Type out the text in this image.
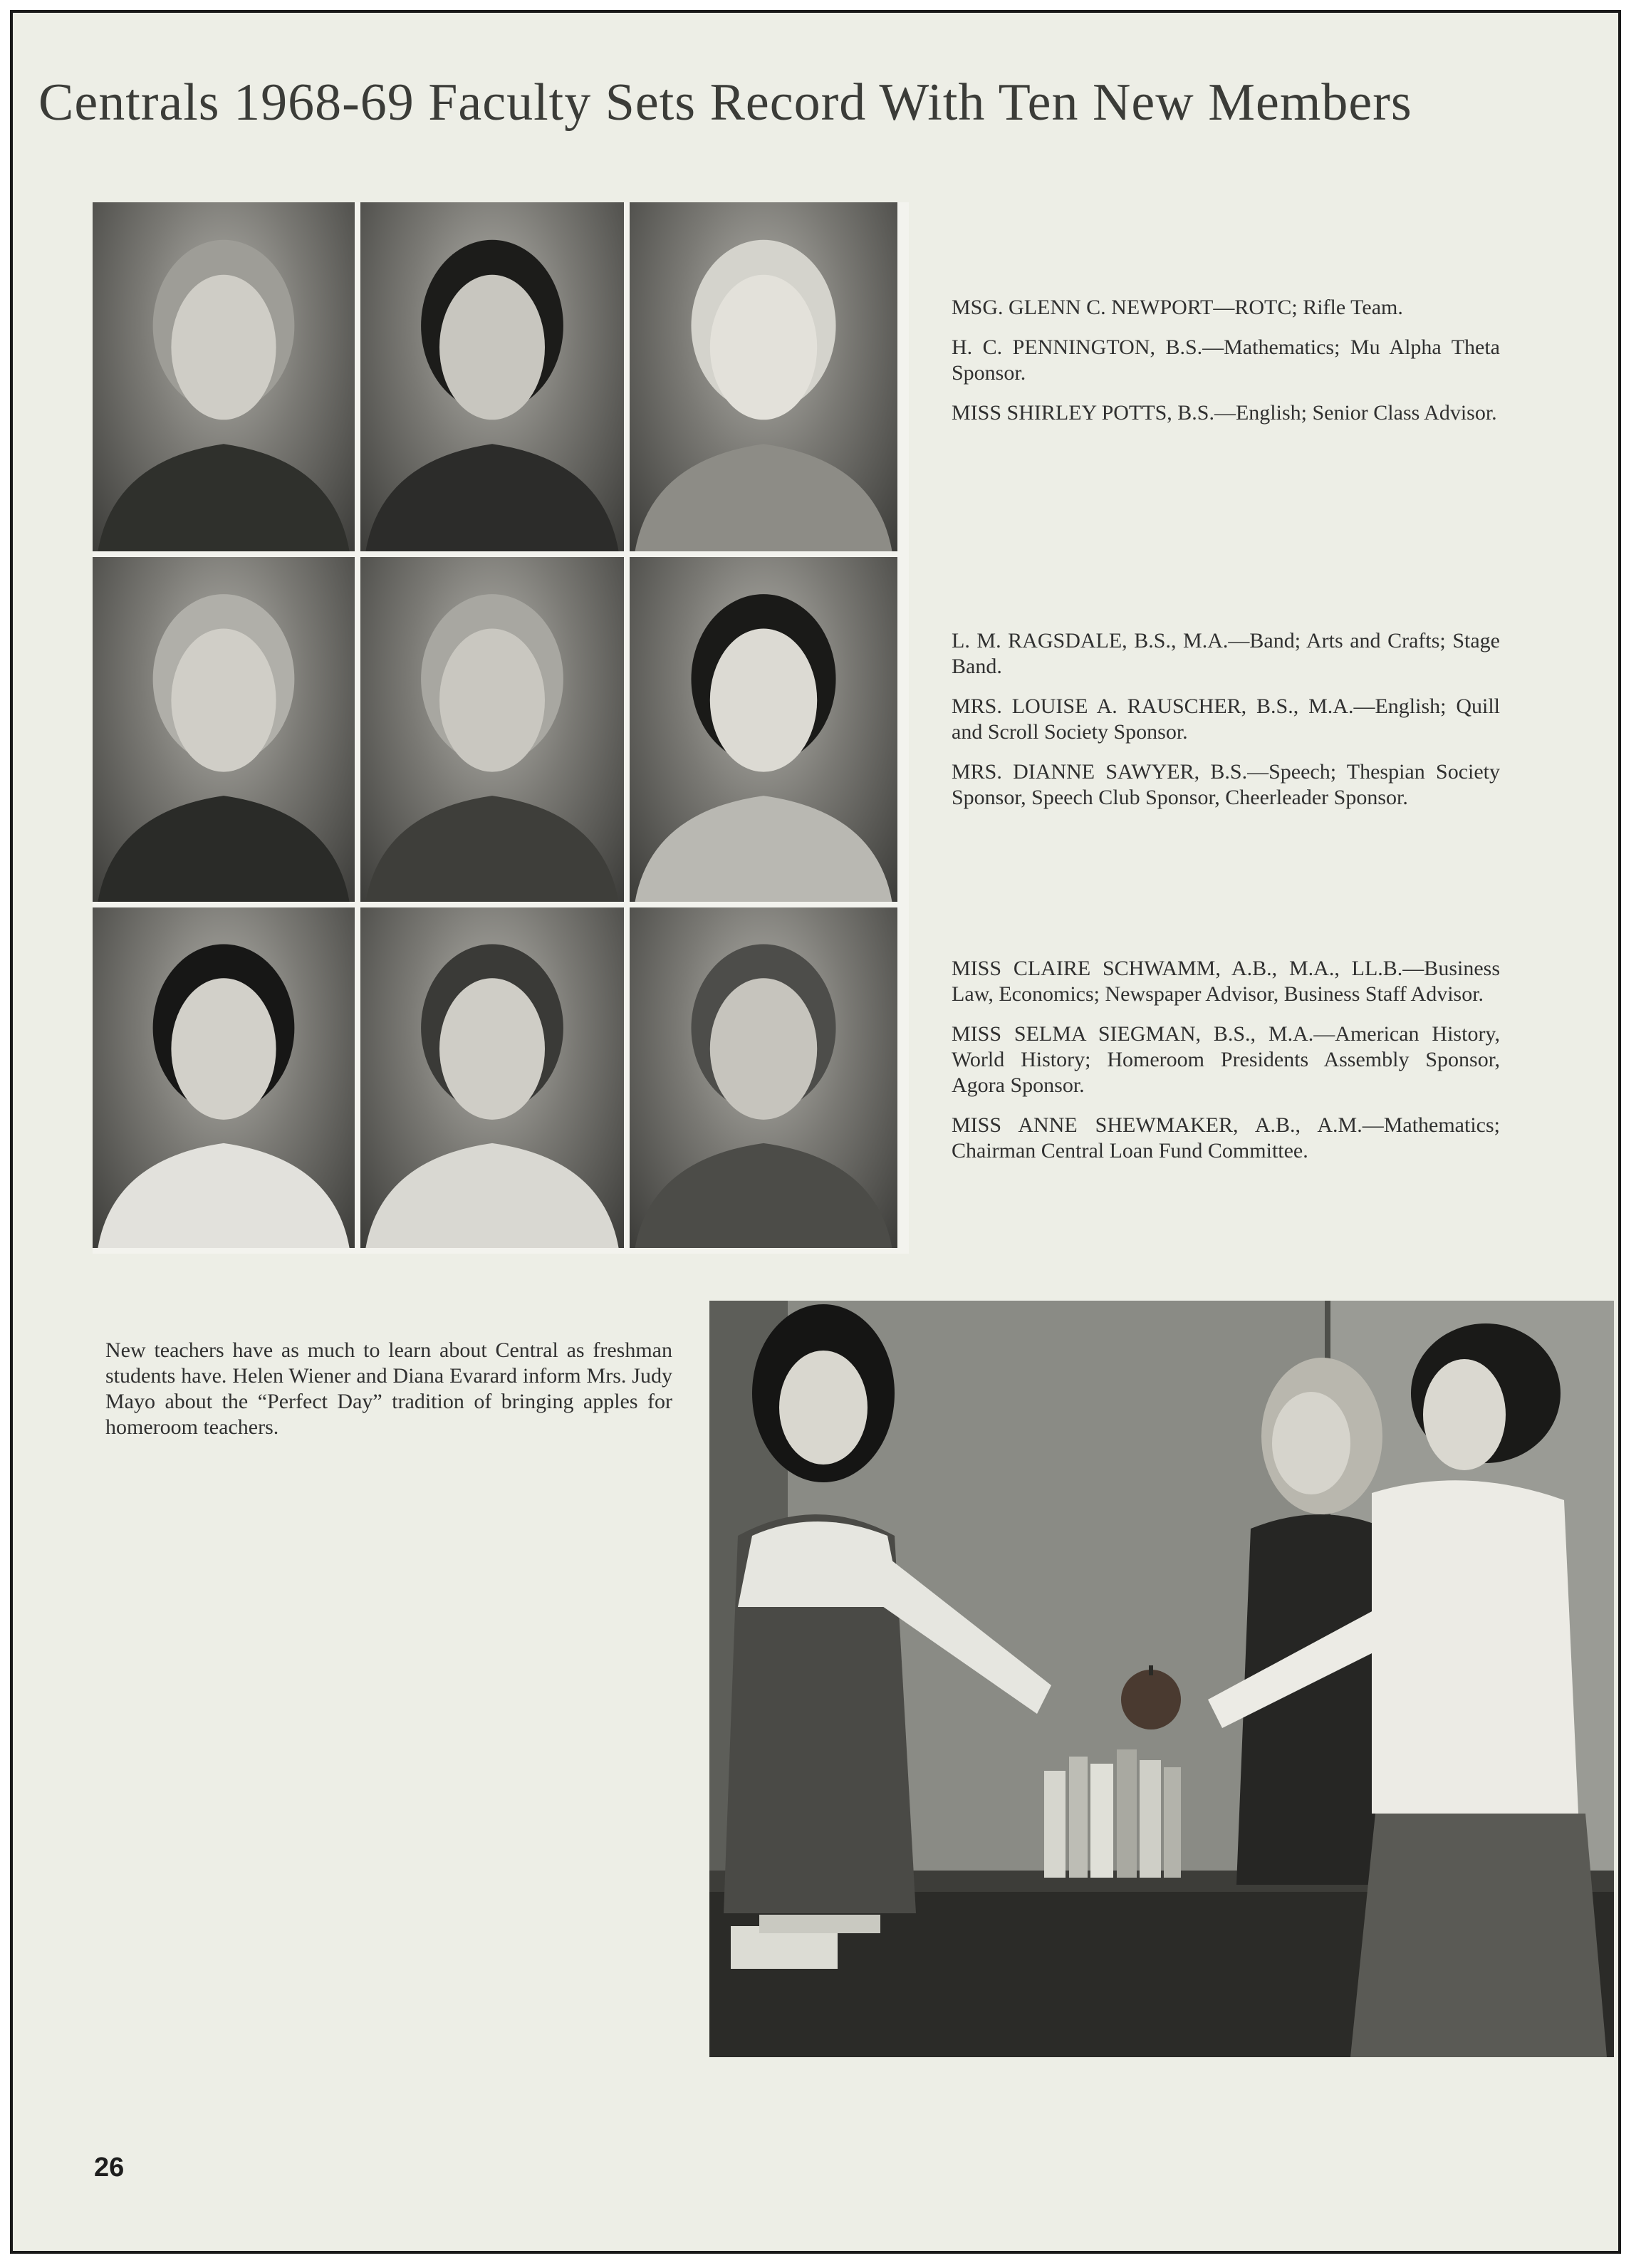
Centrals 1968-69 Faculty Sets Record With Ten New Members

MSG. GLENN C. NEWPORT—ROTC; Rifle Team.

H. C. PENNINGTON, B.S.—Mathematics; Mu Alpha Theta Sponsor.

MISS SHIRLEY POTTS, B.S.—English; Senior Class Advisor.

L. M. RAGSDALE, B.S., M.A.—Band; Arts and Crafts; Stage Band.

MRS. LOUISE A. RAUSCHER, B.S., M.A.—English; Quill and Scroll Society Sponsor.

MRS. DIANNE SAWYER, B.S.—Speech; Thespian Society Sponsor, Speech Club Sponsor, Cheerleader Sponsor.

MISS CLAIRE SCHWAMM, A.B., M.A., LL.B.—Business Law, Economics; Newspaper Advisor, Business Staff Advisor.

MISS SELMA SIEGMAN, B.S., M.A.—American History, World History; Homeroom Presidents Assembly Sponsor, Agora Sponsor.

MISS ANNE SHEWMAKER, A.B., A.M.—Mathematics; Chairman Central Loan Fund Committee.

New teachers have as much to learn about Central as freshman students have. Helen Wiener and Diana Evarard inform Mrs. Judy Mayo about the “Perfect Day” tradition of bringing apples for homeroom teachers.

26
